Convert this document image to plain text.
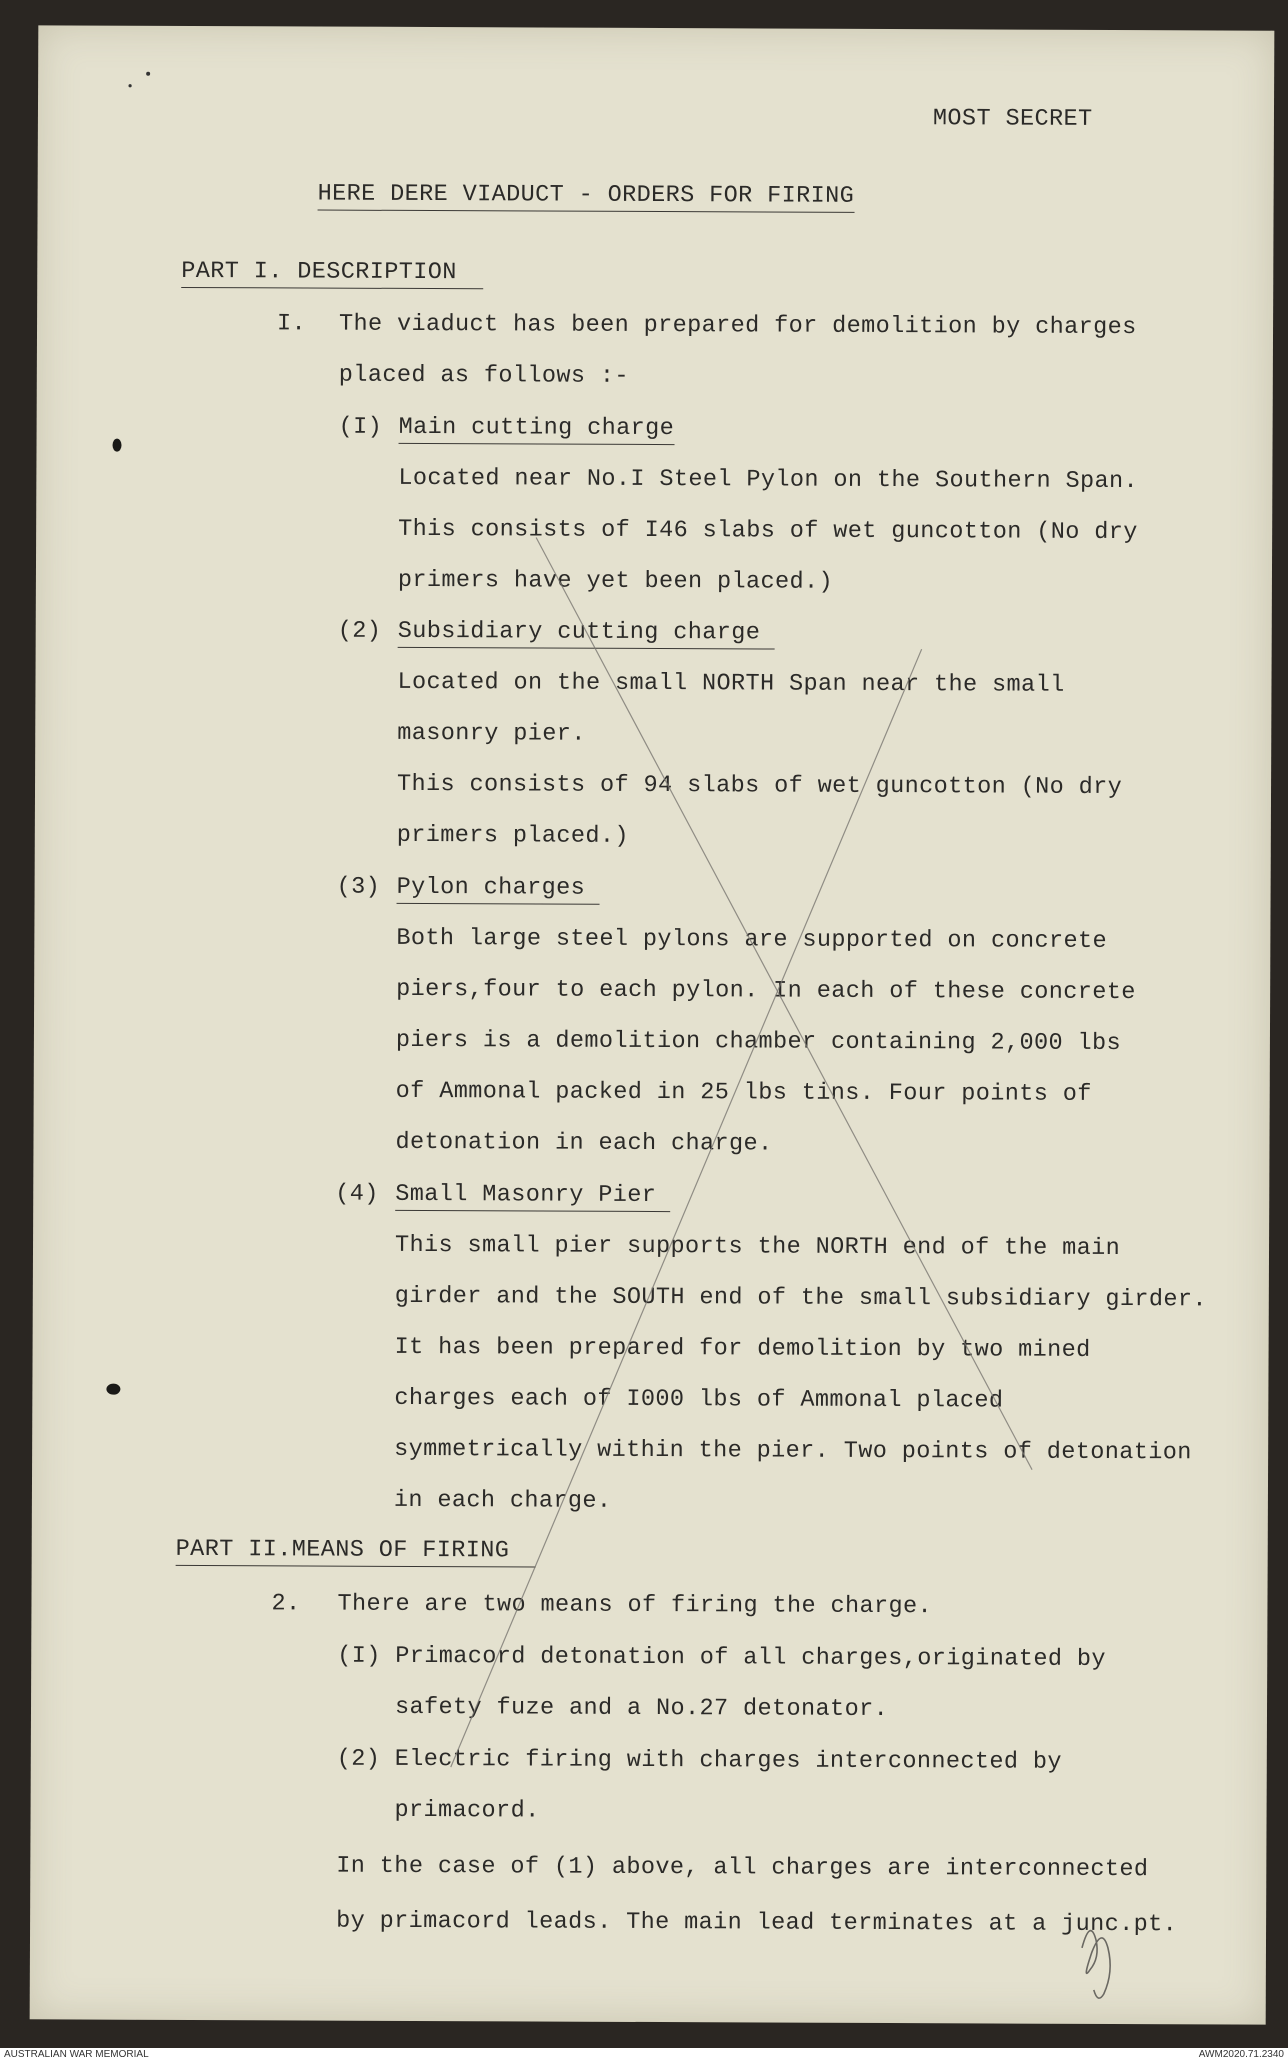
MOST SECRET
HERE DERE VIADUCT - ORDERS FOR FIRING
PART I. DESCRIPTION
I. The viaduct has been prepared for demolition by charges
placed as follows :-
(I) Main cutting charge
Located near No.I Steel Pylon on the Southern Span.
This consists of I46 slabs of wet guncotton (No dry
primers have yet been placed.)
(2) Subsidiary cutting charge
Located on the small NORTH Span near the small
masonry pier.
This consists of 94 slabs of wet guncotton (No dry
primers placed.)
(3) Pylon charges
Both large steel pylons are supported on concrete
piers,four to each pylon. In each of these concrete
piers is a demolition chamber containing 2,000 lbs
of Ammonal packed in 25 lbs tins. Four points of
detonation in each charge.
(4) Small Masonry Pier
This small pier supports the NORTH end of the main
girder and the SOUTH end of the small subsidiary girder.
It has been prepared for demolition by two mined
charges each of I000 lbs of Ammonal placed
symmetrically within the pier. Two points of detonation
in each charge.
PART II.MEANS OF FIRING
2. There are two means of firing the charge.
(I) Primacord detonation of all charges,originated by
safety fuze and a No.27 detonator.
(2) Electric firing with charges interconnected by
primacord.
In the case of (1) above, all charges are interconnected
by primacord leads. The main lead terminates at a junc.pt.
AUSTRALIAN WAR MEMORIAL	AWM2020.71.2340
